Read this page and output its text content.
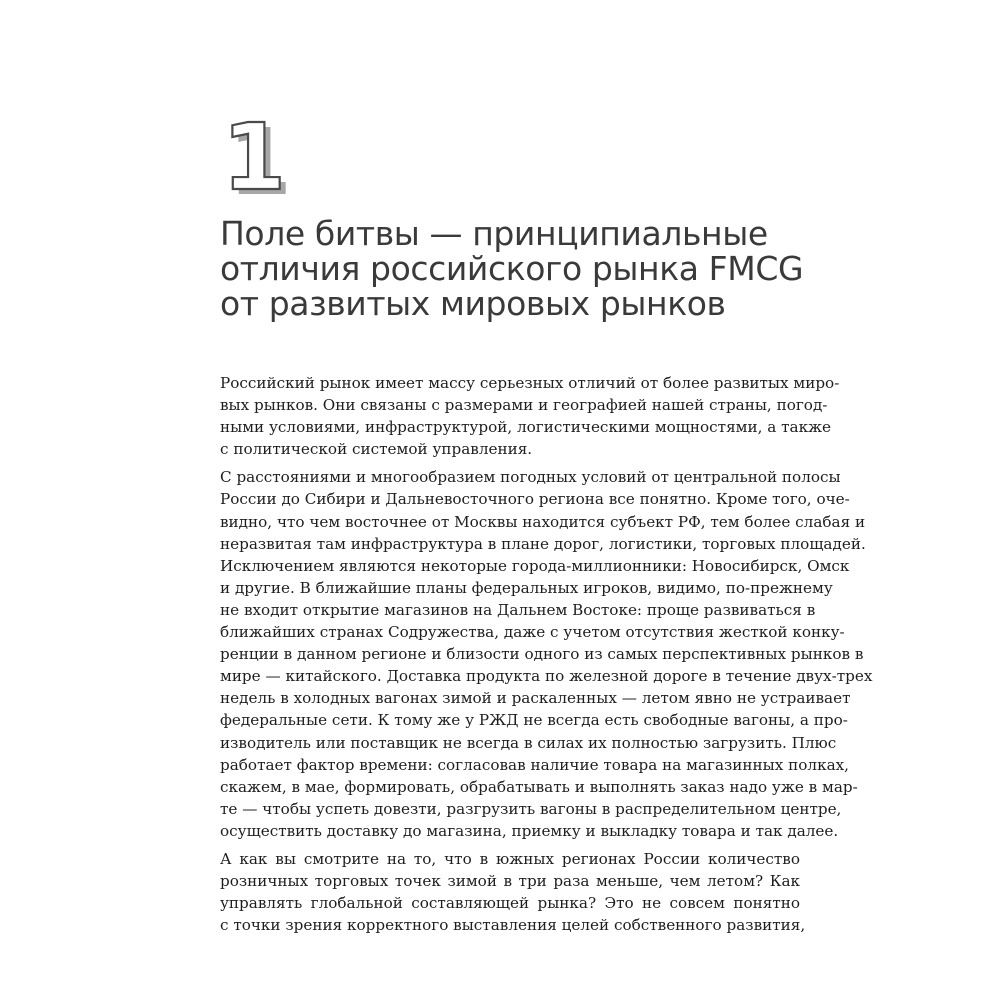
1
Поле битвы — принципиальные
отличия российского рынка FMCG
от развитых мировых рынков
Российский рынок имеет массу серьезных отличий от более развитых миро-
вых рынков. Они связаны с размерами и географией нашей страны, погод-
ными условиями, инфраструктурой, логистическими мощностями, а также
с политической системой управления.
С расстояниями и многообразием погодных условий от центральной полосы
России до Сибири и Дальневосточного региона все понятно. Кроме того, оче-
видно, что чем восточнее от Москвы находится субъект РФ, тем более слабая и
неразвитая там инфраструктура в плане дорог, логистики, торговых площадей.
Исключением являются некоторые города-миллионники: Новосибирск, Омск
и другие. В ближайшие планы федеральных игроков, видимо, по-прежнему
не входит открытие магазинов на Дальнем Востоке: проще развиваться в
ближайших странах Содружества, даже с учетом отсутствия жесткой конку-
ренции в данном регионе и близости одного из самых перспективных рынков в
мире — китайского. Доставка продукта по железной дороге в течение двух-трех
недель в холодных вагонах зимой и раскаленных — летом явно не устраивает
федеральные сети. К тому же у РЖД не всегда есть свободные вагоны, а про-
изводитель или поставщик не всегда в силах их полностью загрузить. Плюс
работает фактор времени: согласовав наличие товара на магазинных полках,
скажем, в мае, формировать, обрабатывать и выполнять заказ надо уже в мар-
те — чтобы успеть довезти, разгрузить вагоны в распределительном центре,
осуществить доставку до магазина, приемку и выкладку товара и так далее.
А как вы смотрите на то, что в южных регионах России количество
розничных торговых точек зимой в три раза меньше, чем летом? Как
управлять глобальной составляющей рынка? Это не совсем понятно
с точки зрения корректного выставления целей собственного развития,
